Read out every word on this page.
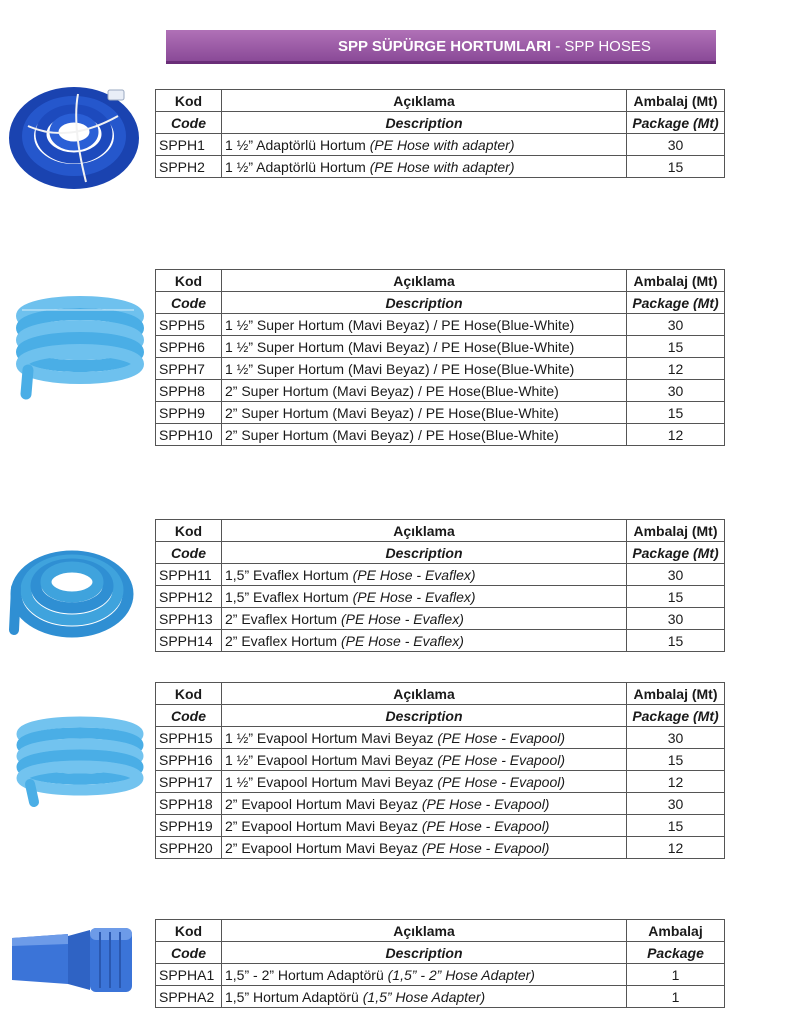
SPP SÜPÜRGE HORTUMLARI - SPP HOSES
Kod	Açıklama	Ambalaj (Mt)
Code	Description	Package (Mt)
SPPH1	1 ½” Adaptörlü Hortum (PE Hose with adapter)	30
SPPH2	1 ½” Adaptörlü Hortum (PE Hose with adapter)	15
Kod	Açıklama	Ambalaj (Mt)
Code	Description	Package (Mt)
SPPH5	1 ½” Super Hortum (Mavi Beyaz) / PE Hose(Blue-White)	30
SPPH6	1 ½” Super Hortum (Mavi Beyaz) / PE Hose(Blue-White)	15
SPPH7	1 ½” Super Hortum (Mavi Beyaz) / PE Hose(Blue-White)	12
SPPH8	2” Super Hortum (Mavi Beyaz) / PE Hose(Blue-White)	30
SPPH9	2” Super Hortum (Mavi Beyaz) / PE Hose(Blue-White)	15
SPPH10	2” Super Hortum (Mavi Beyaz) / PE Hose(Blue-White)	12
Kod	Açıklama	Ambalaj (Mt)
Code	Description	Package (Mt)
SPPH11	1,5” Evaflex Hortum (PE Hose - Evaflex)	30
SPPH12	1,5” Evaflex Hortum (PE Hose - Evaflex)	15
SPPH13	2” Evaflex Hortum (PE Hose - Evaflex)	30
SPPH14	2” Evaflex Hortum (PE Hose - Evaflex)	15
Kod	Açıklama	Ambalaj (Mt)
Code	Description	Package (Mt)
SPPH15	1 ½” Evapool Hortum Mavi Beyaz (PE Hose - Evapool)	30
SPPH16	1 ½” Evapool Hortum Mavi Beyaz (PE Hose - Evapool)	15
SPPH17	1 ½” Evapool Hortum Mavi Beyaz (PE Hose - Evapool)	12
SPPH18	2” Evapool Hortum Mavi Beyaz (PE Hose - Evapool)	30
SPPH19	2” Evapool Hortum Mavi Beyaz (PE Hose - Evapool)	15
SPPH20	2” Evapool Hortum Mavi Beyaz (PE Hose - Evapool)	12
Kod	Açıklama	Ambalaj
Code	Description	Package
SPPHA1	1,5” - 2” Hortum Adaptörü (1,5” - 2” Hose Adapter)	1
SPPHA2	1,5” Hortum Adaptörü (1,5” Hose Adapter)	1
